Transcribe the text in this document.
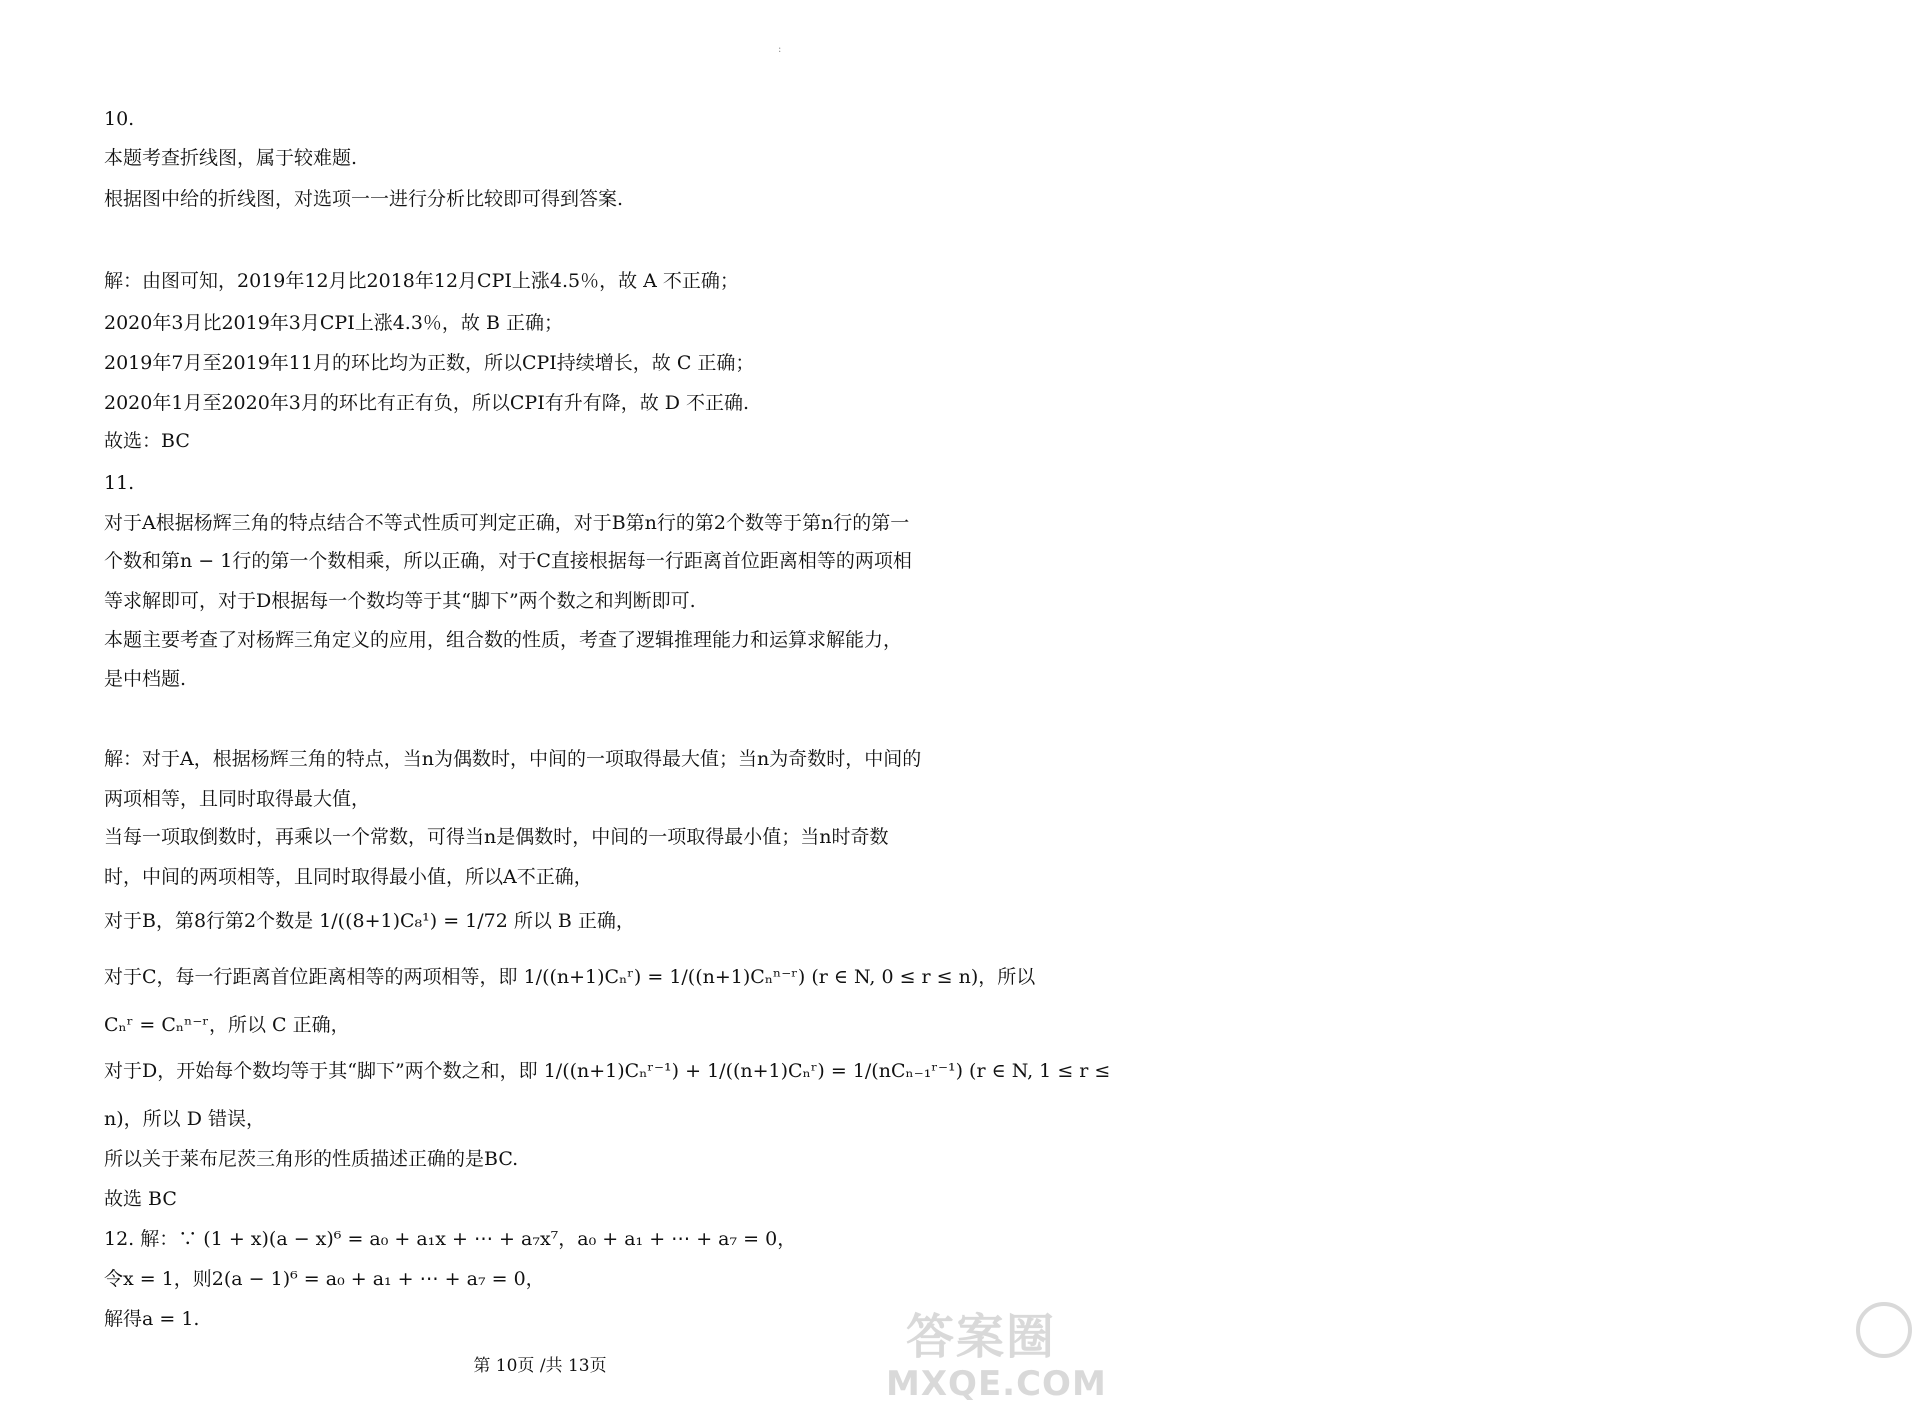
:
10.
本题考查折线图，属于较难题.
根据图中给的折线图，对选项一一进行分析比较即可得到答案.
解：由图可知，2019年12月比2018年12月CPI上涨4.5％，故 A 不正确；
2020年3月比2019年3月CPI上涨4.3％，故 B 正确；
2019年7月至2019年11月的环比均为正数，所以CPI持续增长，故 C 正确；
2020年1月至2020年3月的环比有正有负，所以CPI有升有降，故 D 不正确.
故选：BC
11.
对于A根据杨辉三角的特点结合不等式性质可判定正确，对于B第n行的第2个数等于第n行的第一
个数和第n − 1行的第一个数相乘，所以正确，对于C直接根据每一行距离首位距离相等的两项相
等求解即可，对于D根据每一个数均等于其“脚下”两个数之和判断即可.
本题主要考查了对杨辉三角定义的应用，组合数的性质，考查了逻辑推理能力和运算求解能力，
是中档题.
解：对于A，根据杨辉三角的特点，当n为偶数时，中间的一项取得最大值；当n为奇数时，中间的
两项相等，且同时取得最大值，
当每一项取倒数时，再乘以一个常数，可得当n是偶数时，中间的一项取得最小值；当n时奇数
时，中间的两项相等，且同时取得最小值，所以A不正确，
对于B，第8行第2个数是 1/((8+1)C₈¹) = 1/72 所以 B 正确，
对于C，每一行距离首位距离相等的两项相等，即 1/((n+1)Cₙʳ) = 1/((n+1)Cₙⁿ⁻ʳ) (r ∈ N, 0 ≤ r ≤ n)，所以
Cₙʳ = Cₙⁿ⁻ʳ，所以 C 正确，
对于D，开始每个数均等于其“脚下”两个数之和，即 1/((n+1)Cₙʳ⁻¹) + 1/((n+1)Cₙʳ) = 1/(nCₙ₋₁ʳ⁻¹) (r ∈ N, 1 ≤ r ≤
n)，所以 D 错误，
所以关于莱布尼茨三角形的性质描述正确的是BC.
故选 BC
12. 解：∵ (1 + x)(a − x)⁶ = a₀ + a₁x + ⋯ + a₇x⁷，a₀ + a₁ + ⋯ + a₇ = 0，
令x = 1，则2(a − 1)⁶ = a₀ + a₁ + ⋯ + a₇ = 0，
解得a = 1.
第 10页 /共 13页
答案圈
MXQE.COM
